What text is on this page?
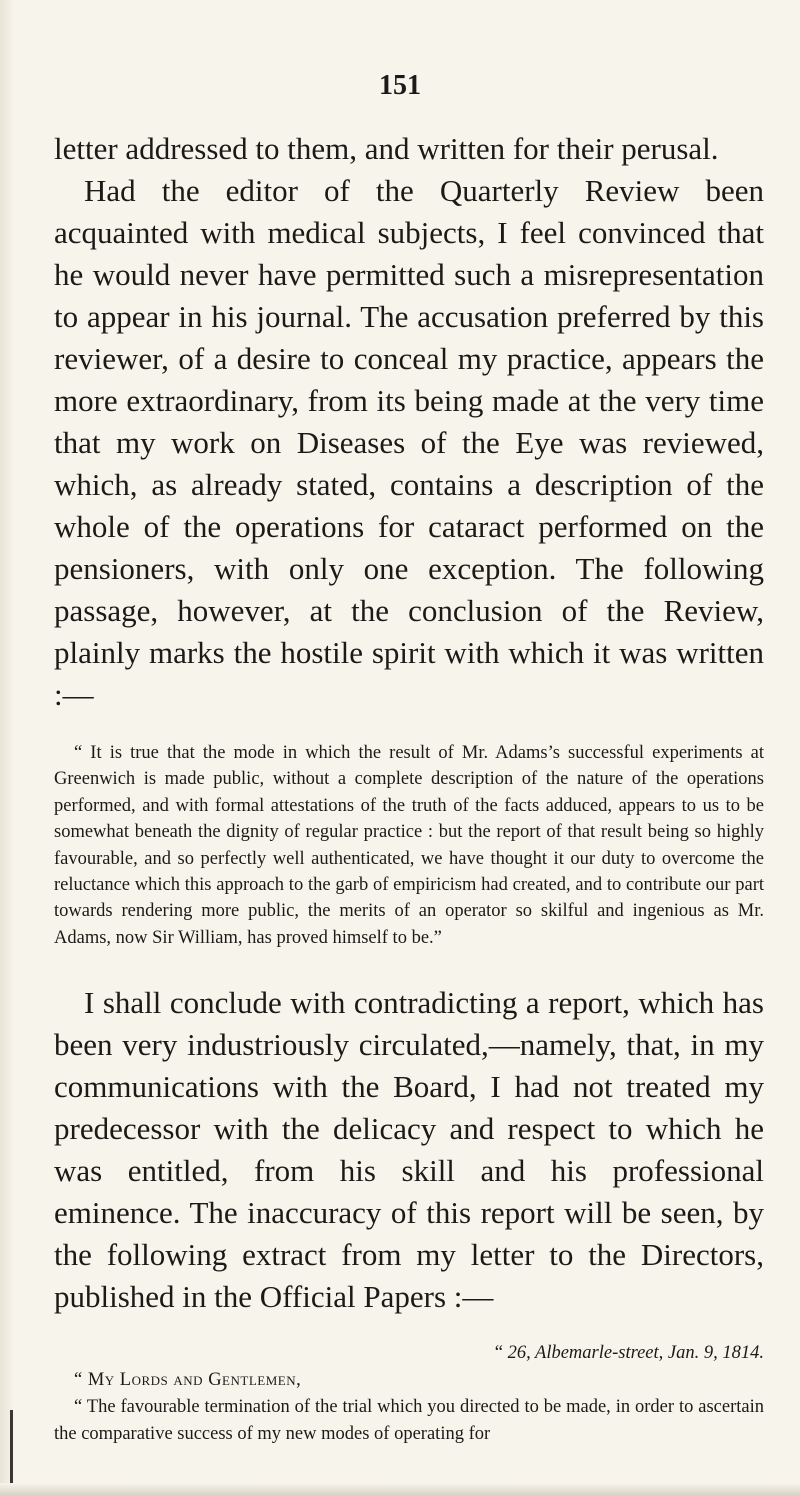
151

letter addressed to them, and written for their perusal.

Had the editor of the Quarterly Review been acquainted with medical subjects, I feel convinced that he would never have permitted such a misrepresentation to appear in his journal. The accusation preferred by this reviewer, of a desire to conceal my practice, appears the more extraordinary, from its being made at the very time that my work on Diseases of the Eye was reviewed, which, as already stated, contains a description of the whole of the operations for cataract performed on the pensioners, with only one exception. The following passage, however, at the conclusion of the Review, plainly marks the hostile spirit with which it was written :—

“ It is true that the mode in which the result of Mr. Adams’s successful experiments at Greenwich is made public, without a complete description of the nature of the operations performed, and with formal attestations of the truth of the facts adduced, appears to us to be somewhat beneath the dignity of regular practice : but the report of that result being so highly favourable, and so perfectly well authenticated, we have thought it our duty to overcome the reluctance which this approach to the garb of empiricism had created, and to contribute our part towards rendering more public, the merits of an operator so skilful and ingenious as Mr. Adams, now Sir William, has proved himself to be.”

I shall conclude with contradicting a report, which has been very industriously circulated,—namely, that, in my communications with the Board, I had not treated my predecessor with the delicacy and respect to which he was entitled, from his skill and his professional eminence. The inaccuracy of this report will be seen, by the following extract from my letter to the Directors, published in the Official Papers :—

“ 26, Albemarle-street, Jan. 9, 1814.

“ My Lords and Gentlemen,

“ The favourable termination of the trial which you directed to be made, in order to ascertain the comparative success of my new modes of operating for
